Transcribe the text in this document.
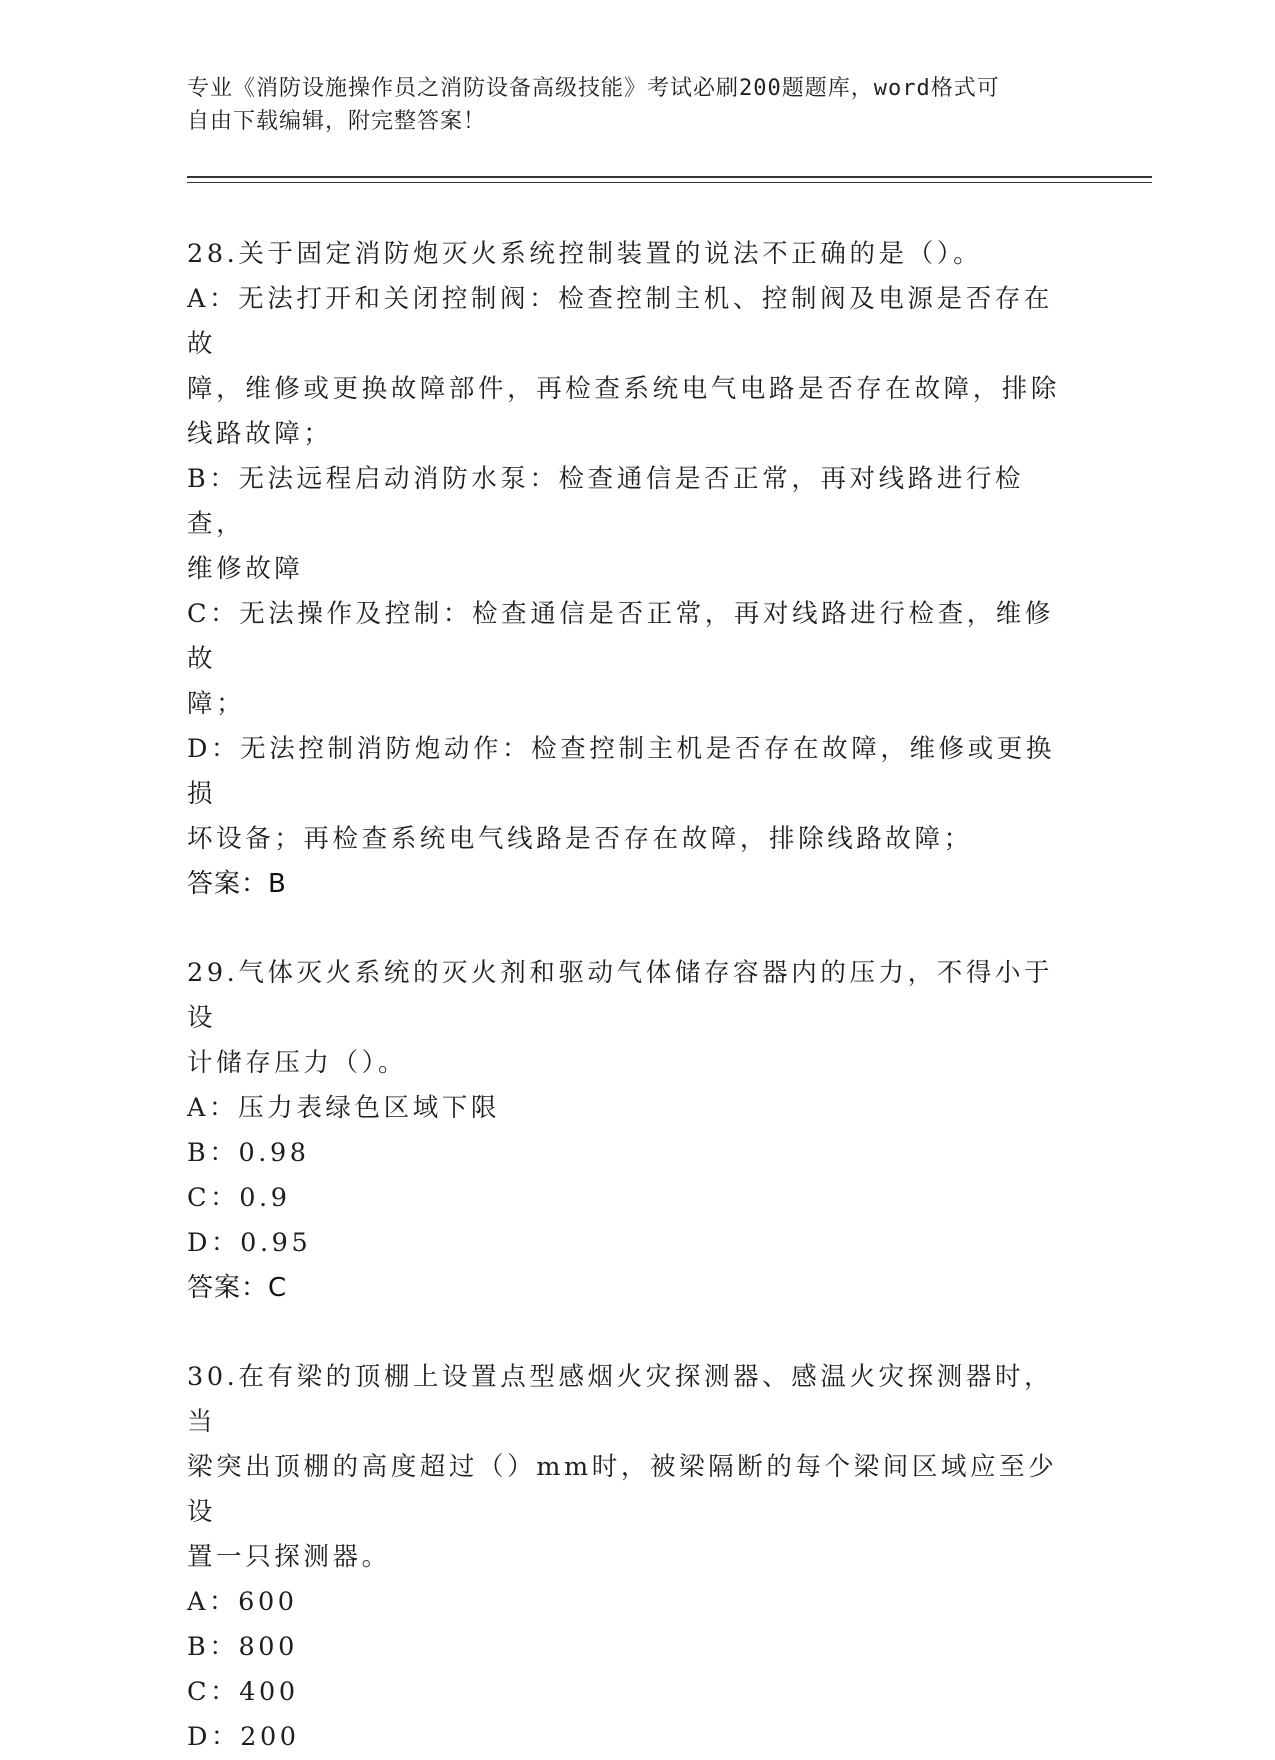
专业《消防设施操作员之消防设备高级技能》考试必刷200题题库，word格式可
自由下载编辑，附完整答案！
28.关于固定消防炮灭火系统控制装置的说法不正确的是（）。
A：无法打开和关闭控制阀：检查控制主机、控制阀及电源是否存在故
障，维修或更换故障部件，再检查系统电气电路是否存在故障，排除
线路故障；
B：无法远程启动消防水泵：检查通信是否正常，再对线路进行检查，
维修故障
C：无法操作及控制：检查通信是否正常，再对线路进行检查，维修故
障；
D：无法控制消防炮动作：检查控制主机是否存在故障，维修或更换损
坏设备；再检查系统电气线路是否存在故障，排除线路故障；
答案：B
29.气体灭火系统的灭火剂和驱动气体储存容器内的压力，不得小于设
计储存压力（）。
A：压力表绿色区域下限
B：0.98
C：0.9
D：0.95
答案：C
30.在有梁的顶棚上设置点型感烟火灾探测器、感温火灾探测器时，当
梁突出顶棚的高度超过（）mm时，被梁隔断的每个梁间区域应至少设
置一只探测器。
A：600
B：800
C：400
D：200
